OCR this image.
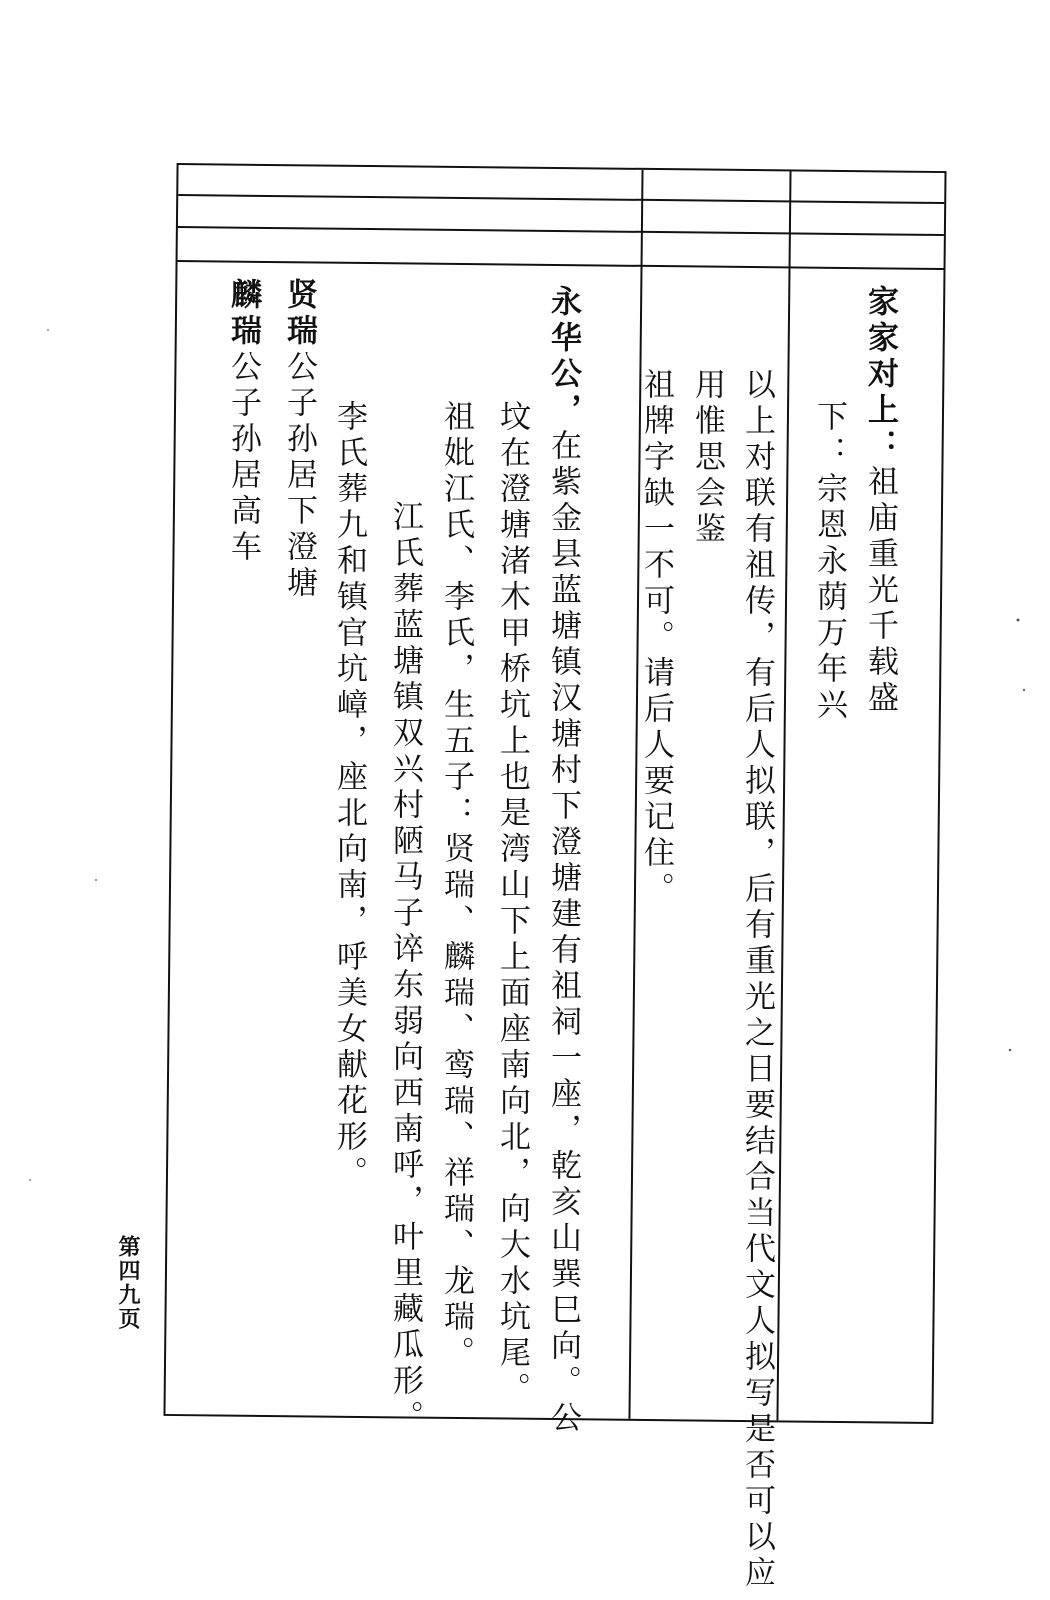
家家对上：祖庙重光千载盛
下：宗恩永荫万年兴
以上对联有祖传，有后人拟联，后有重光之日要结合当代文人拟写是否可以应
用惟思会鉴
祖牌字缺一不可。请后人要记住。
永华公，在紫金县蓝塘镇汉塘村下澄塘建有祖祠一座，乾亥山巽巳向。公
坟在澄塘渚木甲桥坑上也是湾山下上面座南向北，向大水坑尾。
祖妣江氏、李氏，生五子：贤瑞、麟瑞、鸾瑞、祥瑞、龙瑞。
江氏葬蓝塘镇双兴村陋马子谇东弱向西南呼，叶里藏瓜形。
李氏葬九和镇官坑嶂，座北向南，呼美女献花形。
贤瑞公子孙居下澄塘
麟瑞公子孙居高车
第四九页
